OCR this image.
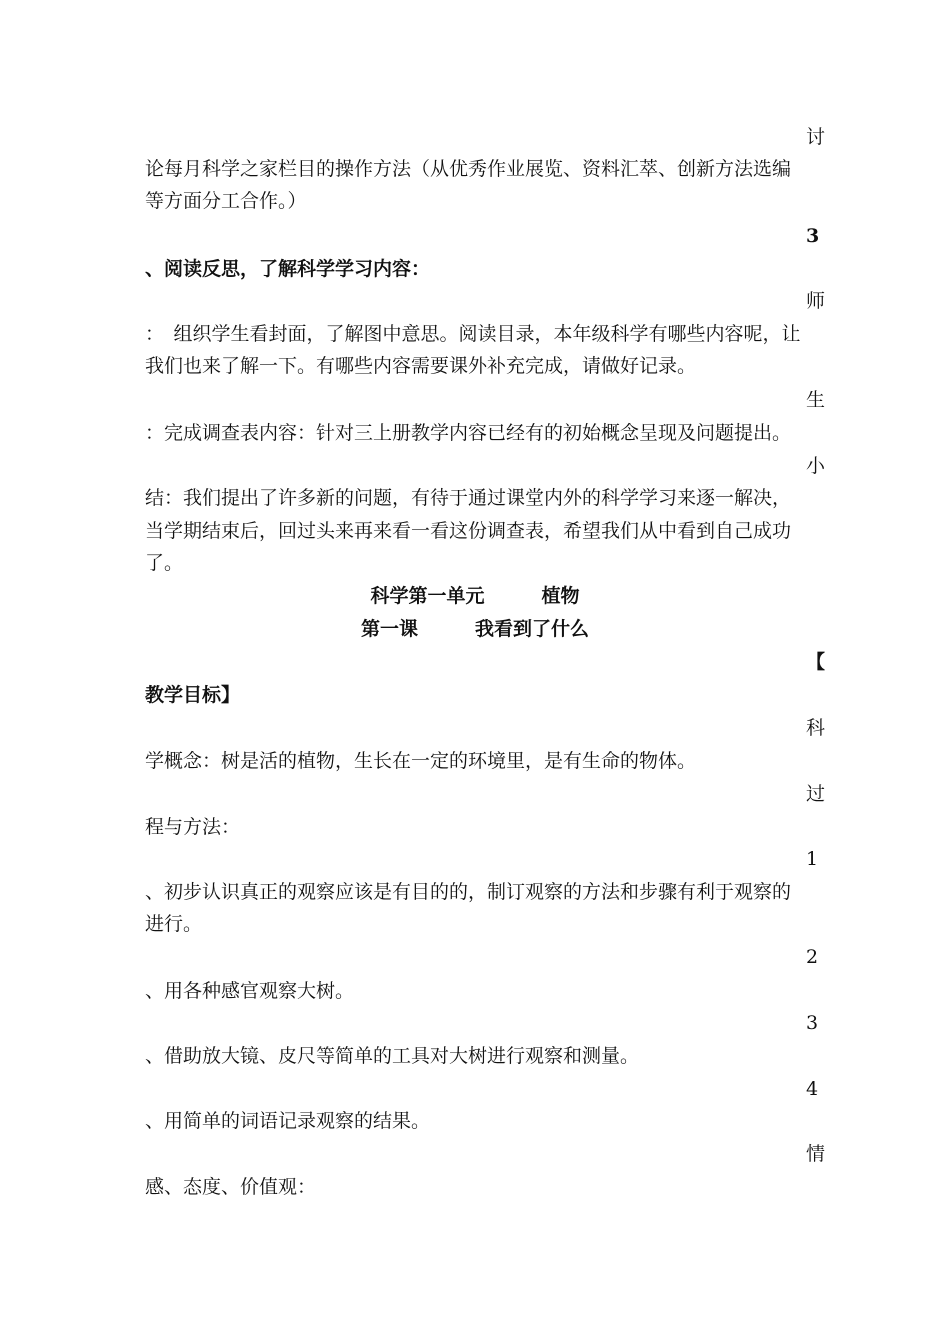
讨

论每月科学之家栏目的操作方法（从优秀作业展览、资料汇萃、创新方法选编

等方面分工合作。）

3

、阅读反思，了解科学学习内容：

师

：　组织学生看封面，了解图中意思。阅读目录，本年级科学有哪些内容呢，让

我们也来了解一下。有哪些内容需要课外补充完成，请做好记录。

生

：完成调查表内容：针对三上册教学内容已经有的初始概念呈现及问题提出。

小

结：我们提出了许多新的问题，有待于通过课堂内外的科学学习来逐一解决，

当学期结束后，回过头来再来看一看这份调查表，希望我们从中看到自己成功

了。

科学第一单元　　　植物

第一课　　　我看到了什么

【

教学目标】

科

学概念：树是活的植物，生长在一定的环境里，是有生命的物体。

过

程与方法：

1

、初步认识真正的观察应该是有目的的，制订观察的方法和步骤有利于观察的

进行。

2

、用各种感官观察大树。

3

、借助放大镜、皮尺等简单的工具对大树进行观察和测量。

4

、用简单的词语记录观察的结果。

情

感、态度、价值观：
